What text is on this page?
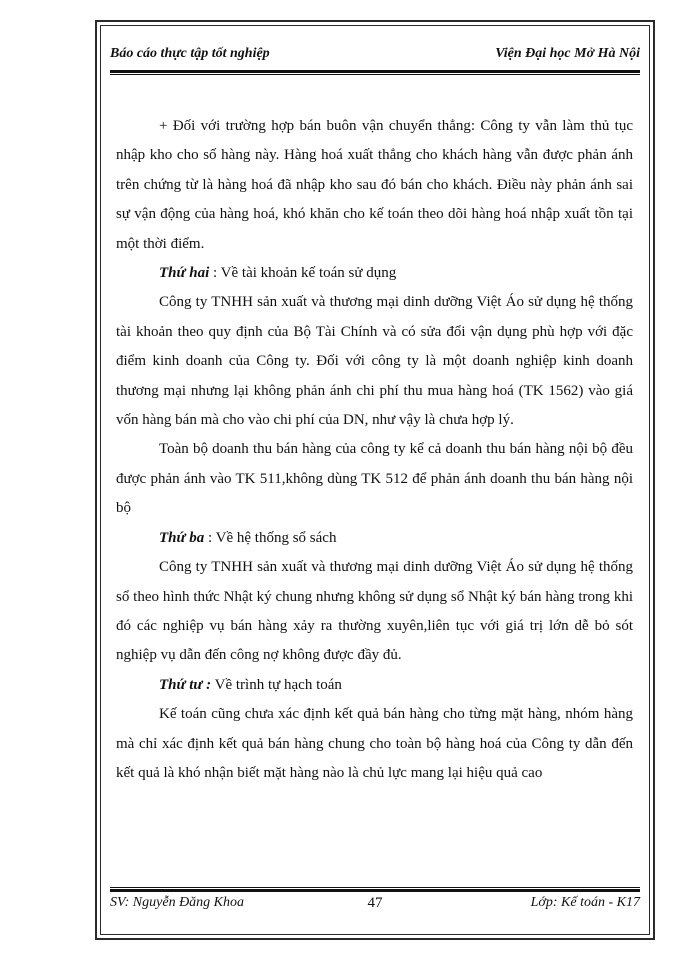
Báo cáo thực tập tốt nghiệp	Viện Đại học Mở Hà Nội

+ Đối với trường hợp bán buôn vận chuyển thẳng: Công ty vẫn làm thủ tục nhập kho cho số hàng này. Hàng hoá xuất thẳng cho khách hàng vẫn được phản ánh trên chứng từ là hàng hoá đã nhập kho sau đó bán cho khách. Điều này phản ánh sai sự vận động của hàng hoá, khó khăn cho kế toán theo dõi hàng hoá nhập xuất tồn tại một thời điểm.

Thứ hai : Về tài khoản kế toán sử dụng

Công ty TNHH sản xuất và thương mại dinh dưỡng Việt Áo sử dụng hệ thống tài khoản theo quy định của Bộ Tài Chính và có sửa đổi vận dụng phù hợp với đặc điểm kinh doanh của Công ty. Đối với công ty là một doanh nghiệp kinh doanh thương mại nhưng lại không phản ánh chi phí thu mua hàng hoá (TK 1562) vào giá vốn hàng bán mà cho vào chi phí của DN, như vậy là chưa hợp lý.

Toàn bộ doanh thu bán hàng của công ty kể cả doanh thu bán hàng nội bộ đều được phản ánh vào TK 511,không dùng TK 512 để phản ánh doanh thu bán hàng nội bộ

Thứ ba : Về hệ thống sổ sách

Công ty TNHH sản xuất và thương mại dinh dưỡng Việt Áo sử dụng hệ thống sổ theo hình thức Nhật ký chung nhưng không sử dụng sổ Nhật ký bán hàng trong khi đó các nghiệp vụ bán hàng xảy ra thường xuyên,liên tục với giá trị lớn dễ bỏ sót nghiệp vụ dẫn đến công nợ không được đầy đủ.

Thứ tư : Về trình tự hạch toán

Kế toán cũng chưa xác định kết quả bán hàng cho từng mặt hàng, nhóm hàng mà chỉ xác định kết quả bán hàng chung cho toàn bộ hàng hoá của Công ty dẫn đến kết quả là khó nhận biết mặt hàng nào là chủ lực mang lại hiệu quả cao

SV: Nguyễn Đăng Khoa	47	Lớp: Kế toán - K17
